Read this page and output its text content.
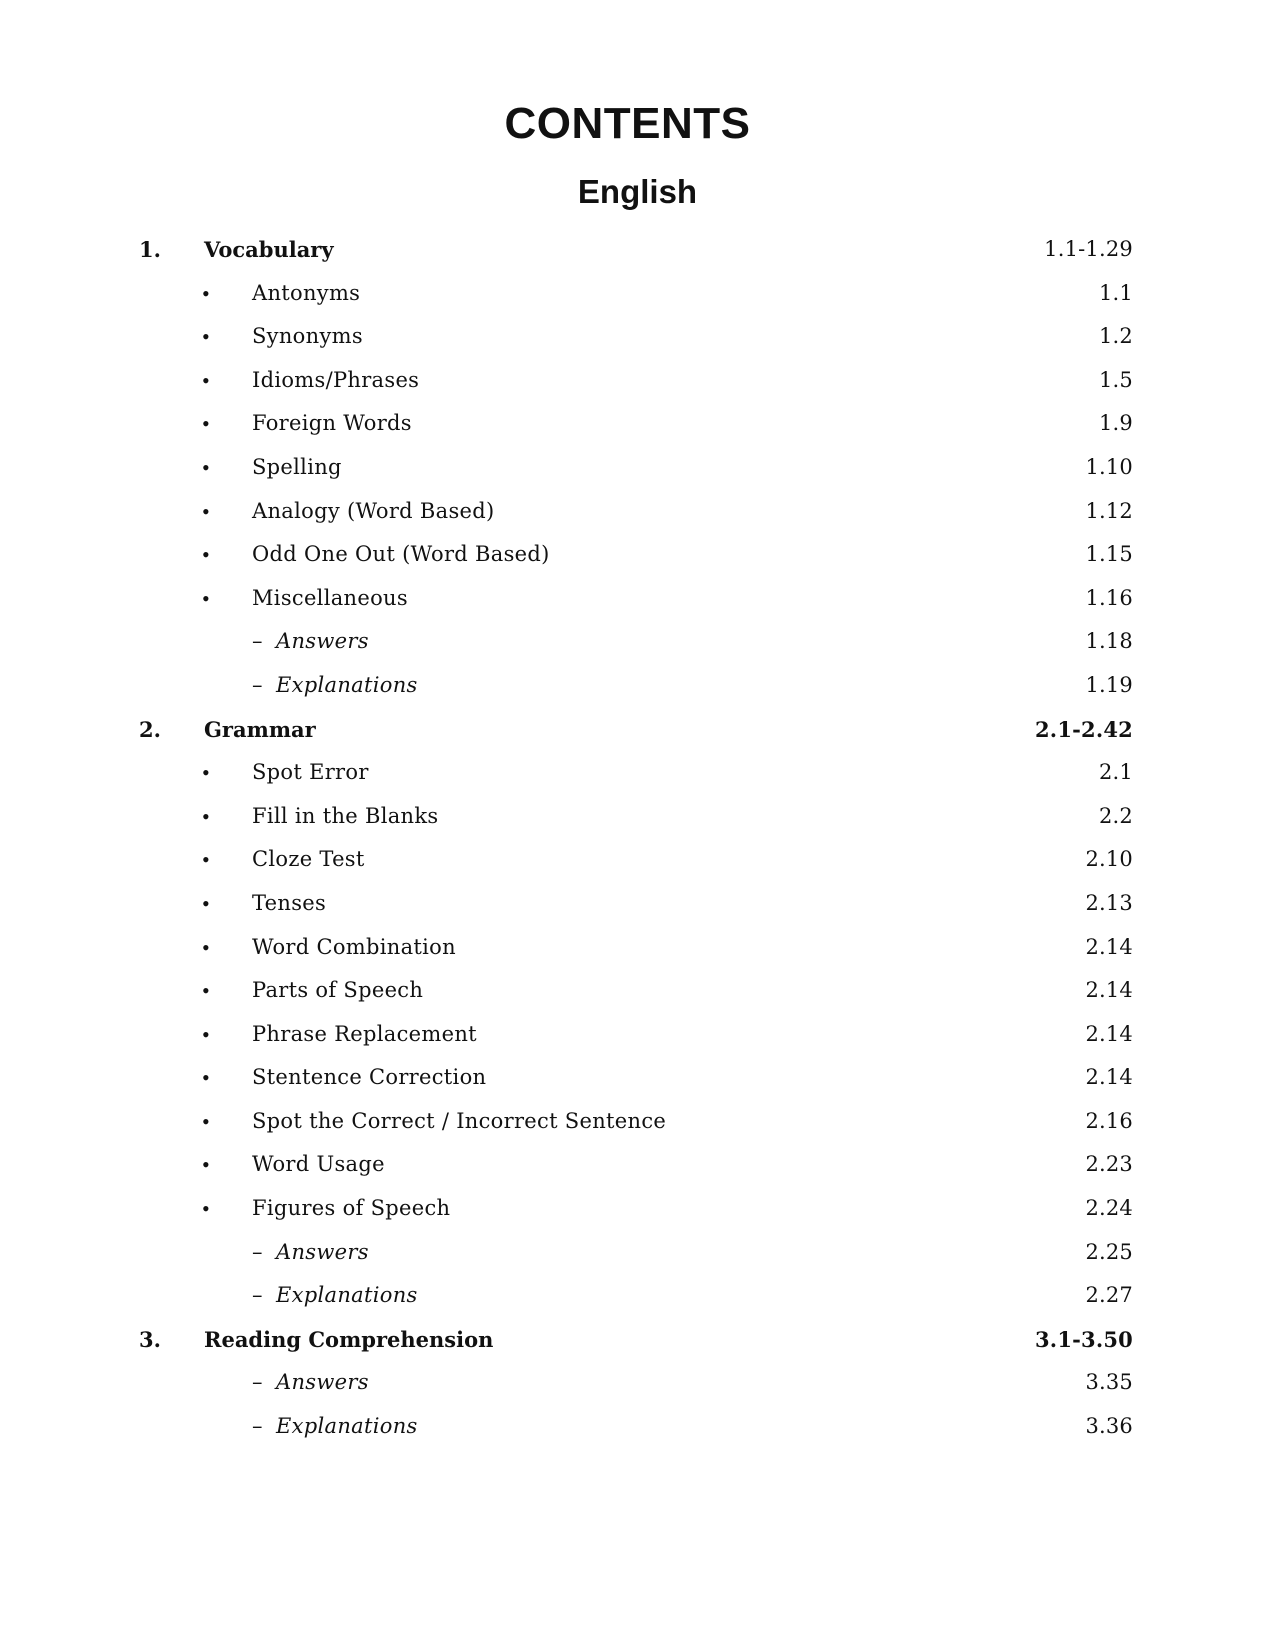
CONTENTS
English
1. Vocabulary	1.1-1.29
• Antonyms	1.1
• Synonyms	1.2
• Idioms/Phrases	1.5
• Foreign Words	1.9
• Spelling	1.10
• Analogy (Word Based)	1.12
• Odd One Out (Word Based)	1.15
• Miscellaneous	1.16
– Answers	1.18
– Explanations	1.19
2. Grammar	2.1-2.42
• Spot Error	2.1
• Fill in the Blanks	2.2
• Cloze Test	2.10
• Tenses	2.13
• Word Combination	2.14
• Parts of Speech	2.14
• Phrase Replacement	2.14
• Stentence Correction	2.14
• Spot the Correct / Incorrect Sentence	2.16
• Word Usage	2.23
• Figures of Speech	2.24
– Answers	2.25
– Explanations	2.27
3. Reading Comprehension	3.1-3.50
– Answers	3.35
– Explanations	3.36
